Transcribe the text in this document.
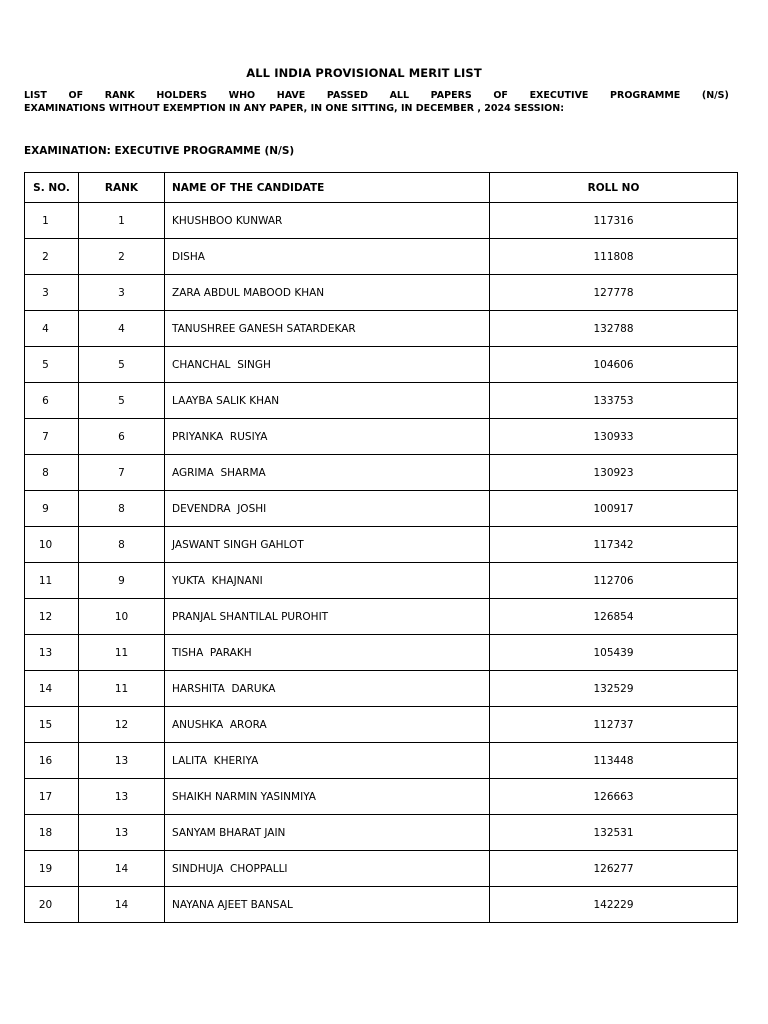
ALL INDIA PROVISIONAL MERIT LIST
LIST OF RANK HOLDERS WHO HAVE PASSED ALL PAPERS OF EXECUTIVE PROGRAMME (N/S)
EXAMINATIONS WITHOUT EXEMPTION IN ANY PAPER, IN ONE SITTING, IN DECEMBER , 2024 SESSION:
EXAMINATION: EXECUTIVE PROGRAMME (N/S)
S. NO.	RANK	NAME OF THE CANDIDATE	ROLL NO
1	1	KHUSHBOO KUNWAR	117316
2	2	DISHA	111808
3	3	ZARA ABDUL MABOOD KHAN	127778
4	4	TANUSHREE GANESH SATARDEKAR	132788
5	5	CHANCHAL  SINGH	104606
6	5	LAAYBA SALIK KHAN	133753
7	6	PRIYANKA  RUSIYA	130933
8	7	AGRIMA  SHARMA	130923
9	8	DEVENDRA  JOSHI	100917
10	8	JASWANT SINGH GAHLOT	117342
11	9	YUKTA  KHAJNANI	112706
12	10	PRANJAL SHANTILAL PUROHIT	126854
13	11	TISHA  PARAKH	105439
14	11	HARSHITA  DARUKA	132529
15	12	ANUSHKA  ARORA	112737
16	13	LALITA  KHERIYA	113448
17	13	SHAIKH NARMIN YASINMIYA	126663
18	13	SANYAM BHARAT JAIN	132531
19	14	SINDHUJA  CHOPPALLI	126277
20	14	NAYANA AJEET BANSAL	142229
